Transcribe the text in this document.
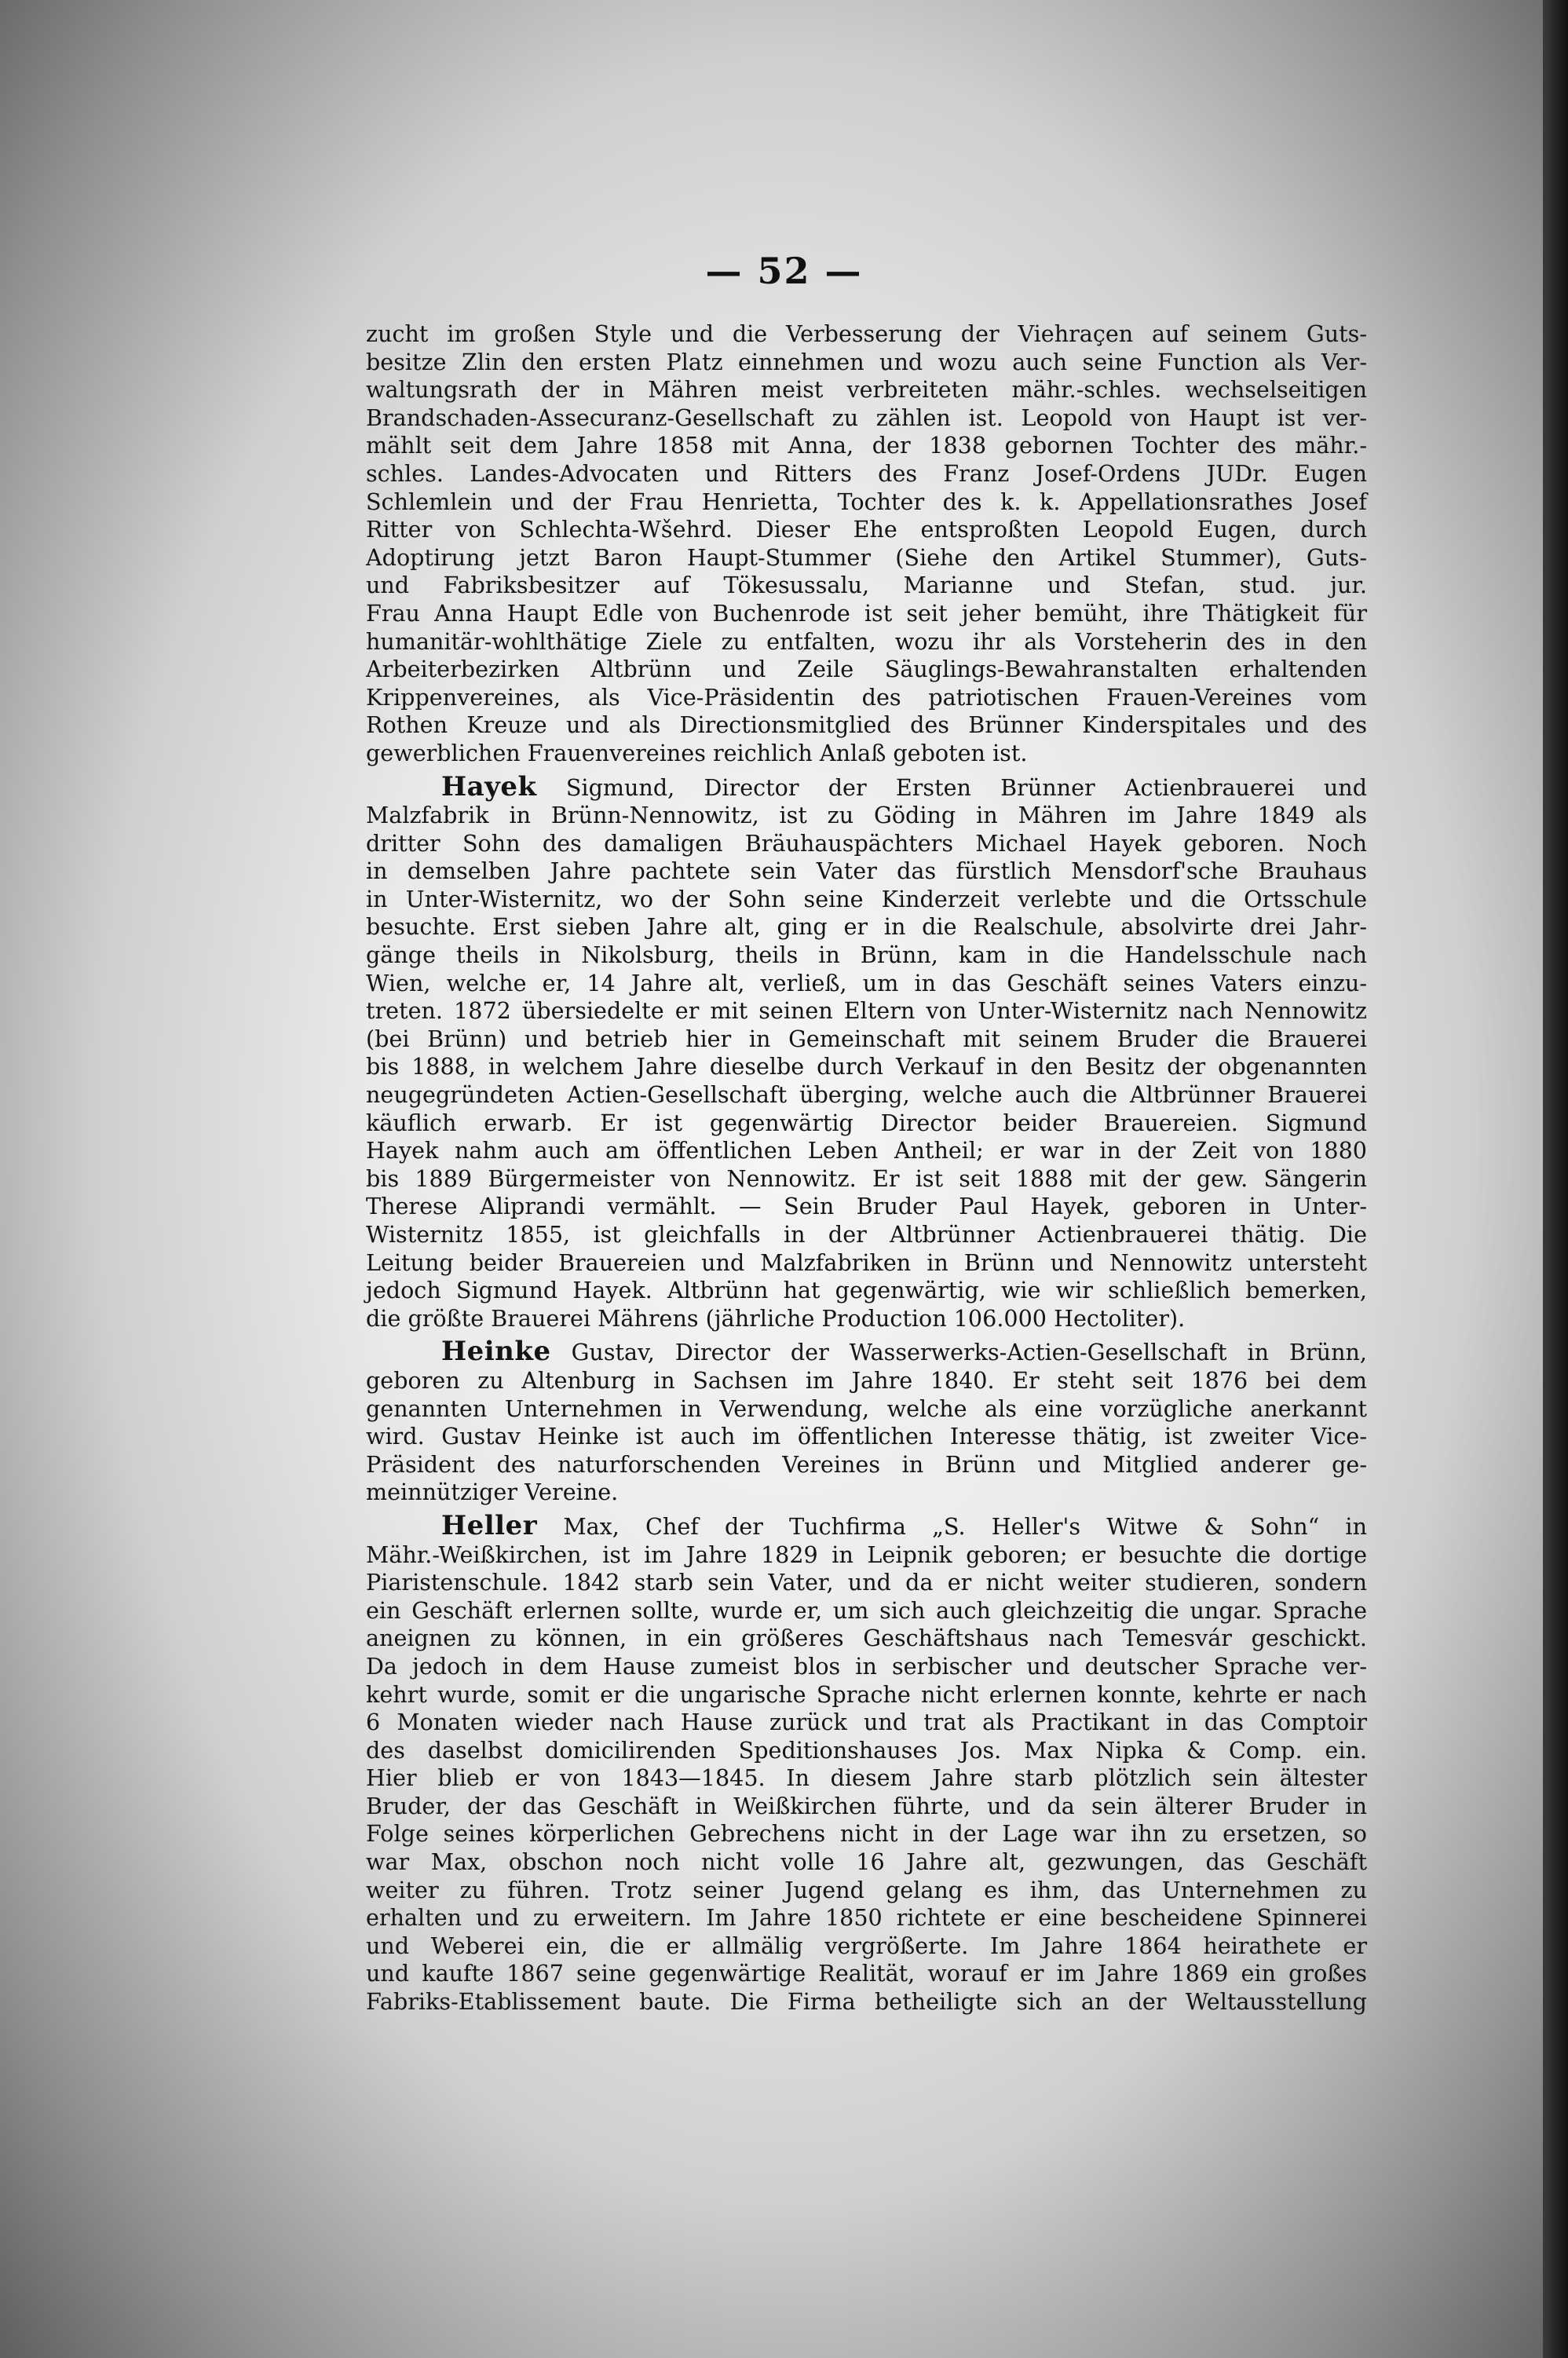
— 52 —

zucht im großen Style und die Verbesserung der Viehraçen auf seinem Guts-
besitze Zlin den ersten Platz einnehmen und wozu auch seine Function als Ver-
waltungsrath der in Mähren meist verbreiteten mähr.-schles. wechselseitigen
Brandschaden-Assecuranz-Gesellschaft zu zählen ist. Leopold von Haupt ist ver-
mählt seit dem Jahre 1858 mit Anna, der 1838 gebornen Tochter des mähr.-
schles. Landes-Advocaten und Ritters des Franz Josef-Ordens JUDr. Eugen
Schlemlein und der Frau Henrietta, Tochter des k. k. Appellationsrathes Josef
Ritter von Schlechta-Wšehrd. Dieser Ehe entsproßten Leopold Eugen, durch
Adoptirung jetzt Baron Haupt-Stummer (Siehe den Artikel Stummer), Guts-
und Fabriksbesitzer auf Tökesussalu, Marianne und Stefan, stud. jur.
Frau Anna Haupt Edle von Buchenrode ist seit jeher bemüht, ihre Thätigkeit für
humanitär-wohlthätige Ziele zu entfalten, wozu ihr als Vorsteherin des in den
Arbeiterbezirken Altbrünn und Zeile Säuglings-Bewahranstalten erhaltenden
Krippenvereines, als Vice-Präsidentin des patriotischen Frauen-Vereines vom
Rothen Kreuze und als Directionsmitglied des Brünner Kinderspitales und des
gewerblichen Frauenvereines reichlich Anlaß geboten ist.

Hayek Sigmund, Director der Ersten Brünner Actienbrauerei und
Malzfabrik in Brünn-Nennowitz, ist zu Göding in Mähren im Jahre 1849 als
dritter Sohn des damaligen Bräuhauspächters Michael Hayek geboren. Noch
in demselben Jahre pachtete sein Vater das fürstlich Mensdorf'sche Brauhaus
in Unter-Wisternitz, wo der Sohn seine Kinderzeit verlebte und die Ortsschule
besuchte. Erst sieben Jahre alt, ging er in die Realschule, absolvirte drei Jahr-
gänge theils in Nikolsburg, theils in Brünn, kam in die Handelsschule nach
Wien, welche er, 14 Jahre alt, verließ, um in das Geschäft seines Vaters einzu-
treten. 1872 übersiedelte er mit seinen Eltern von Unter-Wisternitz nach Nennowitz
(bei Brünn) und betrieb hier in Gemeinschaft mit seinem Bruder die Brauerei
bis 1888, in welchem Jahre dieselbe durch Verkauf in den Besitz der obgenannten
neugegründeten Actien-Gesellschaft überging, welche auch die Altbrünner Brauerei
käuflich erwarb. Er ist gegenwärtig Director beider Brauereien. Sigmund
Hayek nahm auch am öffentlichen Leben Antheil; er war in der Zeit von 1880
bis 1889 Bürgermeister von Nennowitz. Er ist seit 1888 mit der gew. Sängerin
Therese Aliprandi vermählt. — Sein Bruder Paul Hayek, geboren in Unter-
Wisternitz 1855, ist gleichfalls in der Altbrünner Actienbrauerei thätig. Die
Leitung beider Brauereien und Malzfabriken in Brünn und Nennowitz untersteht
jedoch Sigmund Hayek. Altbrünn hat gegenwärtig, wie wir schließlich bemerken,
die größte Brauerei Mährens (jährliche Production 106.000 Hectoliter).

Heinke Gustav, Director der Wasserwerks-Actien-Gesellschaft in Brünn,
geboren zu Altenburg in Sachsen im Jahre 1840. Er steht seit 1876 bei dem
genannten Unternehmen in Verwendung, welche als eine vorzügliche anerkannt
wird. Gustav Heinke ist auch im öffentlichen Interesse thätig, ist zweiter Vice-
Präsident des naturforschenden Vereines in Brünn und Mitglied anderer ge-
meinnütziger Vereine.

Heller Max, Chef der Tuchfirma „S. Heller's Witwe & Sohn“ in
Mähr.-Weißkirchen, ist im Jahre 1829 in Leipnik geboren; er besuchte die dortige
Piaristenschule. 1842 starb sein Vater, und da er nicht weiter studieren, sondern
ein Geschäft erlernen sollte, wurde er, um sich auch gleichzeitig die ungar. Sprache
aneignen zu können, in ein größeres Geschäftshaus nach Temesvár geschickt.
Da jedoch in dem Hause zumeist blos in serbischer und deutscher Sprache ver-
kehrt wurde, somit er die ungarische Sprache nicht erlernen konnte, kehrte er nach
6 Monaten wieder nach Hause zurück und trat als Practikant in das Comptoir
des daselbst domicilirenden Speditionshauses Jos. Max Nipka & Comp. ein.
Hier blieb er von 1843—1845. In diesem Jahre starb plötzlich sein ältester
Bruder, der das Geschäft in Weißkirchen führte, und da sein älterer Bruder in
Folge seines körperlichen Gebrechens nicht in der Lage war ihn zu ersetzen, so
war Max, obschon noch nicht volle 16 Jahre alt, gezwungen, das Geschäft
weiter zu führen. Trotz seiner Jugend gelang es ihm, das Unternehmen zu
erhalten und zu erweitern. Im Jahre 1850 richtete er eine bescheidene Spinnerei
und Weberei ein, die er allmälig vergrößerte. Im Jahre 1864 heirathete er
und kaufte 1867 seine gegenwärtige Realität, worauf er im Jahre 1869 ein großes
Fabriks-Etablissement baute. Die Firma betheiligte sich an der Weltausstellung
